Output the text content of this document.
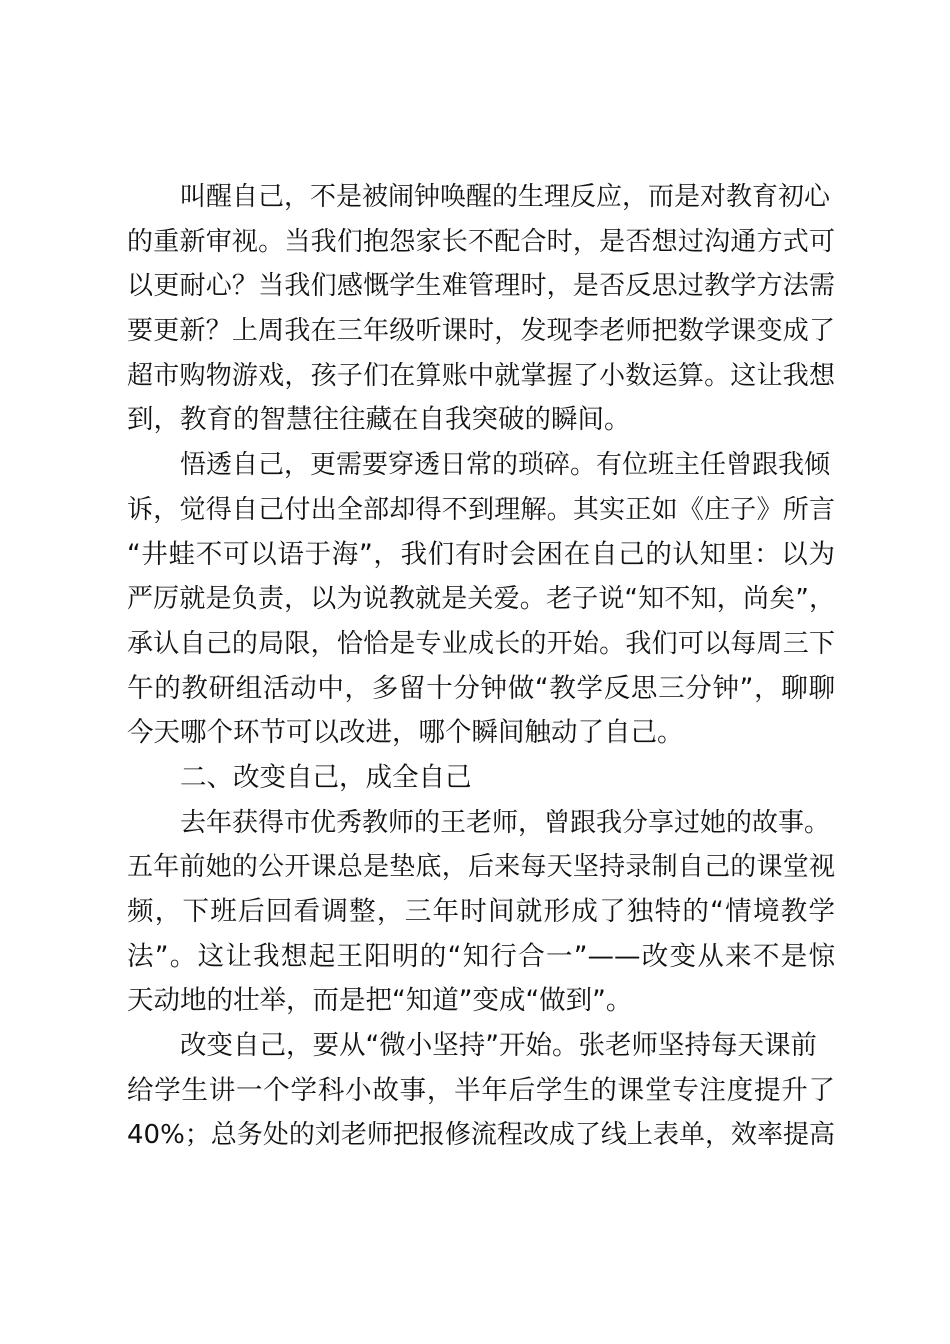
叫醒自己，不是被闹钟唤醒的生理反应，而是对教育初心
的重新审视。当我们抱怨家长不配合时，是否想过沟通方式可
以更耐心？当我们感慨学生难管理时，是否反思过教学方法需
要更新？上周我在三年级听课时，发现李老师把数学课变成了
超市购物游戏，孩子们在算账中就掌握了小数运算。这让我想
到，教育的智慧往往藏在自我突破的瞬间。
悟透自己，更需要穿透日常的琐碎。有位班主任曾跟我倾
诉，觉得自己付出全部却得不到理解。其实正如《庄子》所言
“井蛙不可以语于海”，我们有时会困在自己的认知里：以为
严厉就是负责，以为说教就是关爱。老子说“知不知，尚矣”，
承认自己的局限，恰恰是专业成长的开始。我们可以每周三下
午的教研组活动中，多留十分钟做“教学反思三分钟”，聊聊
今天哪个环节可以改进，哪个瞬间触动了自己。
二、改变自己，成全自己
去年获得市优秀教师的王老师，曾跟我分享过她的故事。
五年前她的公开课总是垫底，后来每天坚持录制自己的课堂视
频，下班后回看调整，三年时间就形成了独特的“情境教学
法”。这让我想起王阳明的“知行合一”——改变从来不是惊
天动地的壮举，而是把“知道”变成“做到”。
改变自己，要从“微小坚持”开始。张老师坚持每天课前
给学生讲一个学科小故事，半年后学生的课堂专注度提升了
40%；总务处的刘老师把报修流程改成了线上表单，效率提高
